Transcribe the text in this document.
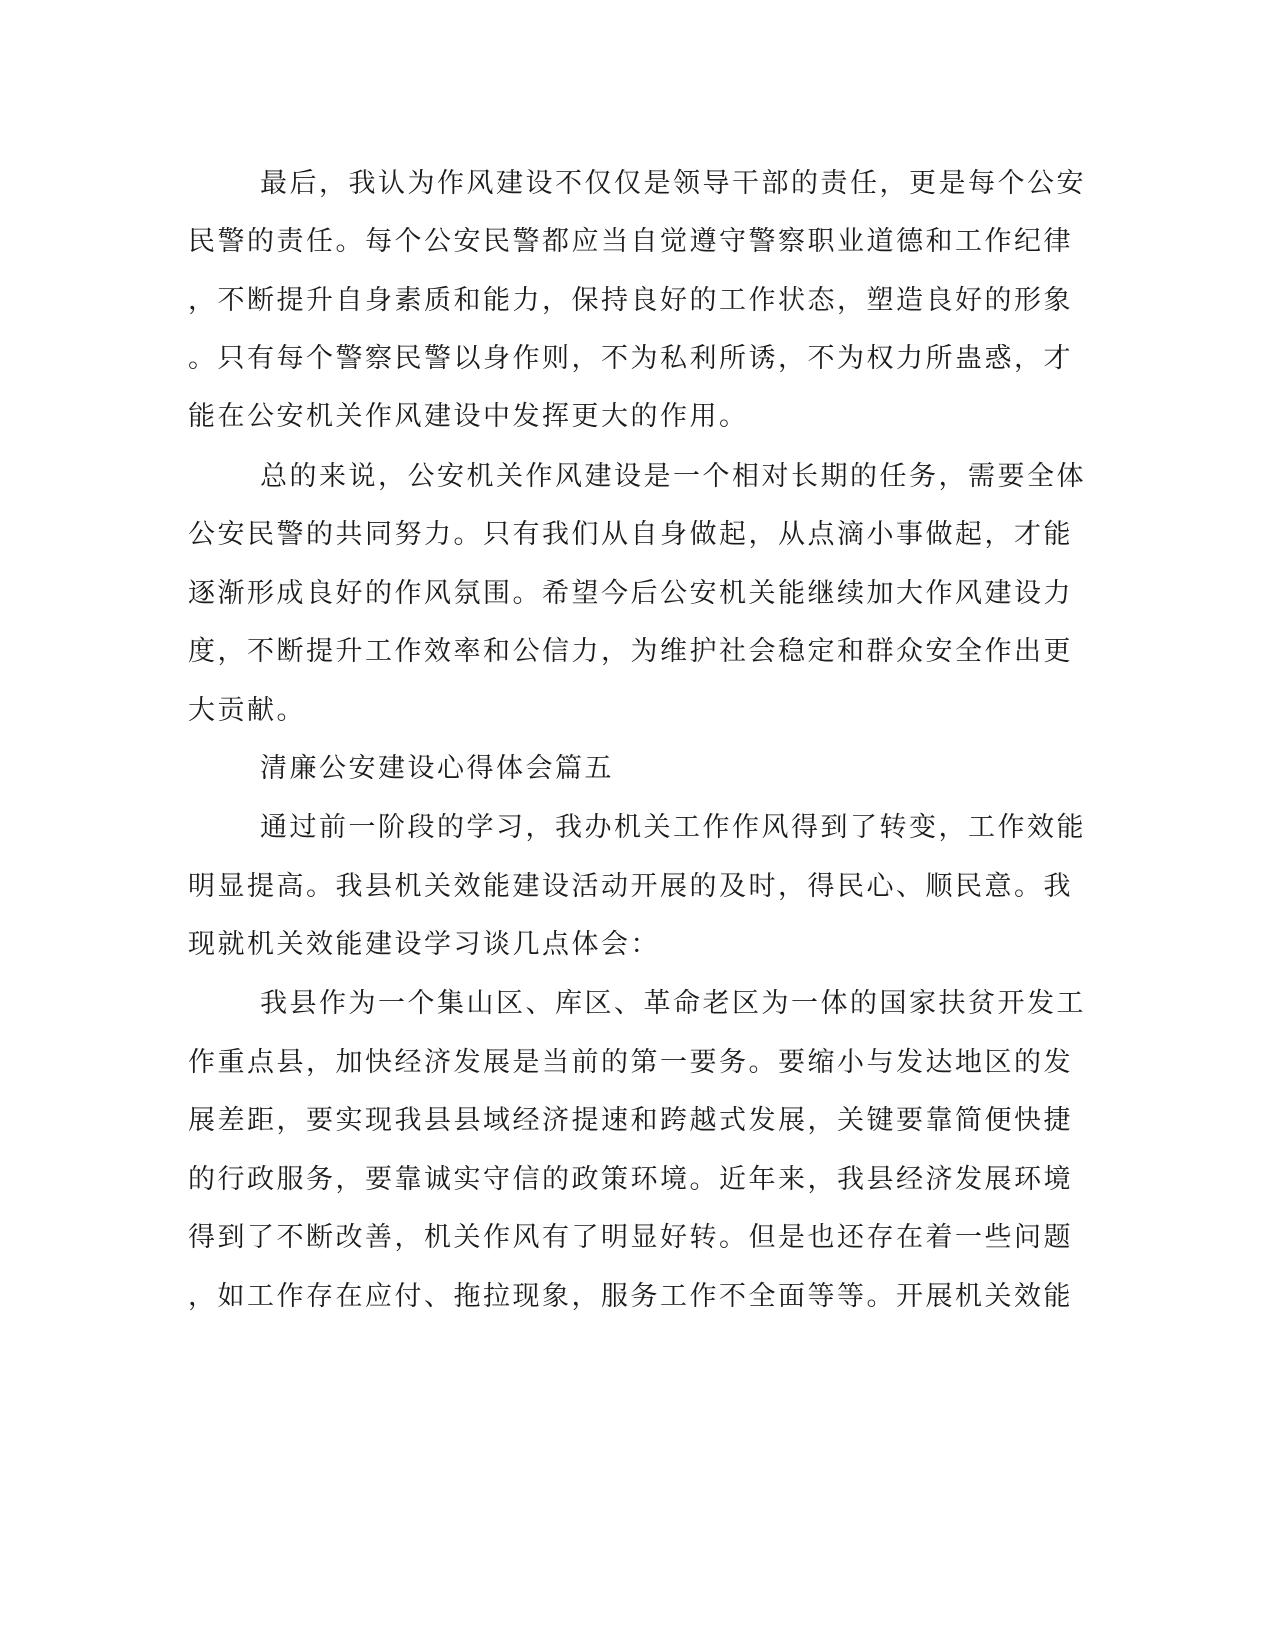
最后，我认为作风建设不仅仅是领导干部的责任，更是每个公安
民警的责任。每个公安民警都应当自觉遵守警察职业道德和工作纪律
，不断提升自身素质和能力，保持良好的工作状态，塑造良好的形象
。只有每个警察民警以身作则，不为私利所诱，不为权力所蛊惑，才
能在公安机关作风建设中发挥更大的作用。
总的来说，公安机关作风建设是一个相对长期的任务，需要全体
公安民警的共同努力。只有我们从自身做起，从点滴小事做起，才能
逐渐形成良好的作风氛围。希望今后公安机关能继续加大作风建设力
度，不断提升工作效率和公信力，为维护社会稳定和群众安全作出更
大贡献。
清廉公安建设心得体会篇五
通过前一阶段的学习，我办机关工作作风得到了转变，工作效能
明显提高。我县机关效能建设活动开展的及时，得民心、顺民意。我
现就机关效能建设学习谈几点体会：
我县作为一个集山区、库区、革命老区为一体的国家扶贫开发工
作重点县，加快经济发展是当前的第一要务。要缩小与发达地区的发
展差距，要实现我县县域经济提速和跨越式发展，关键要靠简便快捷
的行政服务，要靠诚实守信的政策环境。近年来，我县经济发展环境
得到了不断改善，机关作风有了明显好转。但是也还存在着一些问题
，如工作存在应付、拖拉现象，服务工作不全面等等。开展机关效能
